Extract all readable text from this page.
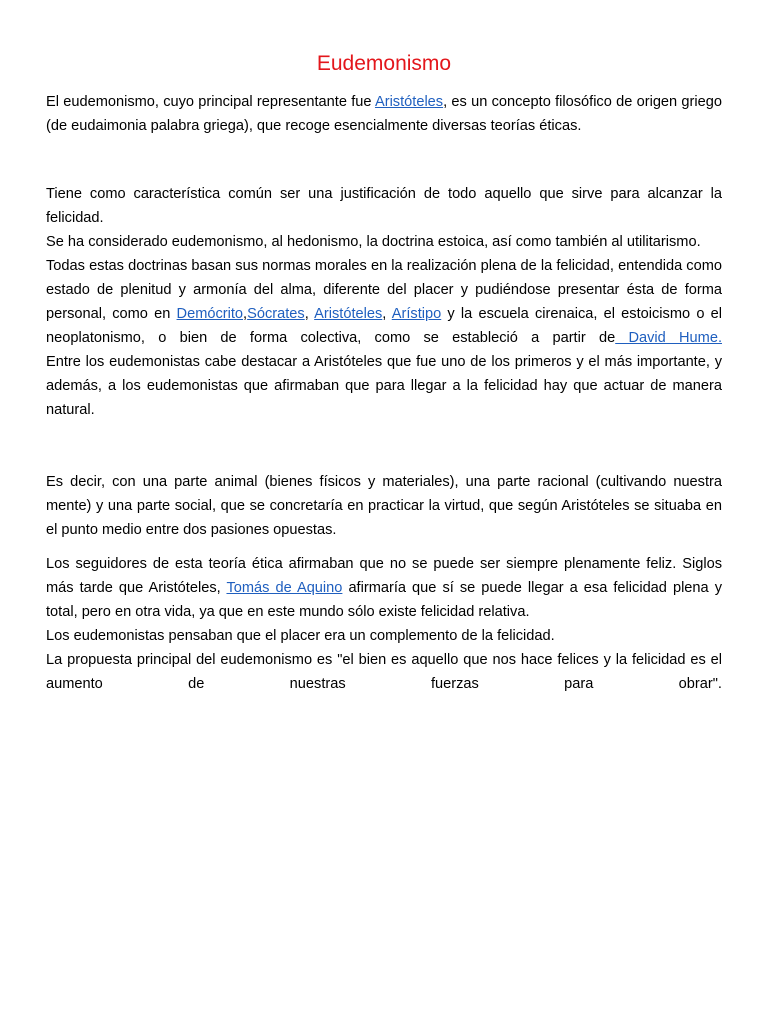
Eudemonismo

El eudemonismo, cuyo principal representante fue Aristóteles, es un concepto filosófico de origen griego (de eudaimonia palabra griega), que recoge esencialmente diversas teorías éticas.

Tiene como característica común ser una justificación de todo aquello que sirve para alcanzar la felicidad.

Se ha considerado eudemonismo, al hedonismo, la doctrina estoica, así como también al utilitarismo.

Todas estas doctrinas basan sus normas morales en la realización plena de la felicidad, entendida como estado de plenitud y armonía del alma, diferente del placer y pudiéndose presentar ésta de forma personal, como en Demócrito,Sócrates, Aristóteles, Arístipo y la escuela cirenaica, el estoicismo o el neoplatonismo, o bien de forma colectiva, como se estableció a partir de David Hume.

Entre los eudemonistas cabe destacar a Aristóteles que fue uno de los primeros y el más importante, y además, a los eudemonistas que afirmaban que para llegar a la felicidad hay que actuar de manera natural.

Es decir, con una parte animal (bienes físicos y materiales), una parte racional (cultivando nuestra mente) y una parte social, que se concretaría en practicar la virtud, que según Aristóteles se situaba en el punto medio entre dos pasiones opuestas.

Los seguidores de esta teoría ética afirmaban que no se puede ser siempre plenamente feliz. Siglos más tarde que Aristóteles, Tomás de Aquino afirmaría que sí se puede llegar a esa felicidad plena y total, pero en otra vida, ya que en este mundo sólo existe felicidad relativa.

Los eudemonistas pensaban que el placer era un complemento de la felicidad.

La propuesta principal del eudemonismo es "el bien es aquello que nos hace felices y la felicidad es el aumento de nuestras fuerzas para obrar".
